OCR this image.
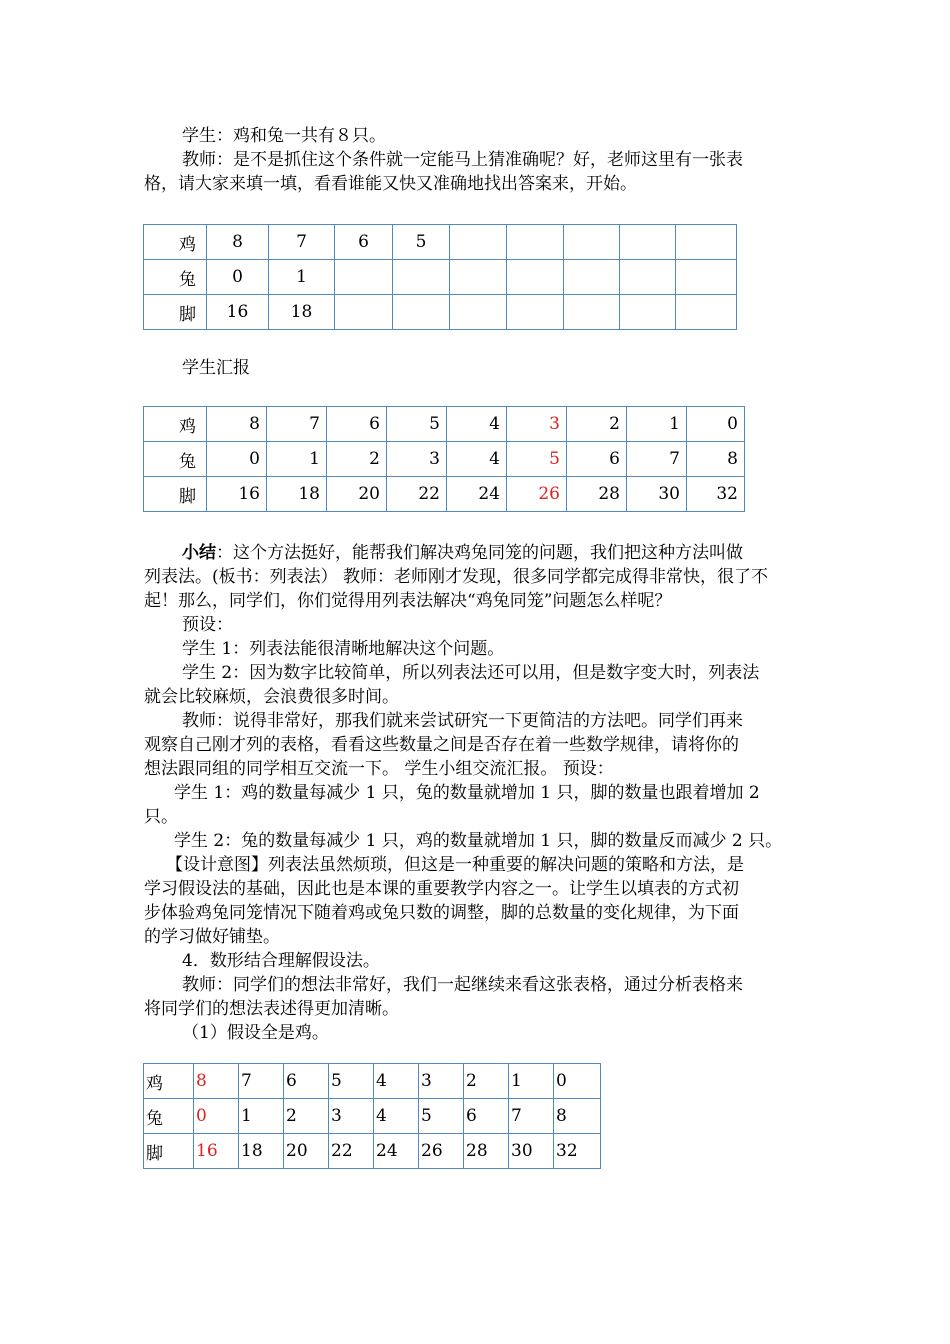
学生：鸡和兔一共有８只。
教师：是不是抓住这个条件就一定能马上猜准确呢？好，老师这里有一张表
格，请大家来填一填，看看谁能又快又准确地找出答案来，开始。
鸡	8	7	6	5					
兔	0	1							
脚	16	18							
学生汇报
鸡	8	7	6	5	4	3	2	1	0
兔	0	1	2	3	4	5	6	7	8
脚	16	18	20	22	24	26	28	30	32
小结：这个方法挺好，能帮我们解决鸡兔同笼的问题，我们把这种方法叫做
列表法。(板书：列表法） 教师：老师刚才发现，很多同学都完成得非常快，很了不
起！那么，同学们，你们觉得用列表法解决“鸡兔同笼”问题怎么样呢？
预设：
学生 1：列表法能很清晰地解决这个问题。
学生 2：因为数字比较简单，所以列表法还可以用，但是数字变大时，列表法
就会比较麻烦，会浪费很多时间。
教师：说得非常好，那我们就来尝试研究一下更简洁的方法吧。同学们再来
观察自己刚才列的表格，看看这些数量之间是否存在着一些数学规律，请将你的
想法跟同组的同学相互交流一下。 学生小组交流汇报。 预设：
学生 1：鸡的数量每减少 1 只，兔的数量就增加 1 只，脚的数量也跟着增加 2
只。
学生 2：兔的数量每减少 1 只，鸡的数量就增加 1 只，脚的数量反而减少 2 只。
【设计意图】列表法虽然烦琐，但这是一种重要的解决问题的策略和方法，是
学习假设法的基础，因此也是本课的重要教学内容之一。让学生以填表的方式初
步体验鸡兔同笼情况下随着鸡或兔只数的调整，脚的总数量的变化规律，为下面
的学习做好铺垫。
4．数形结合理解假设法。
教师：同学们的想法非常好，我们一起继续来看这张表格，通过分析表格来
将同学们的想法表述得更加清晰。
（1）假设全是鸡。
鸡	8	7	6	5	4	3	2	1	0
兔	0	1	2	3	4	5	6	7	8
脚	16	18	20	22	24	26	28	30	32
